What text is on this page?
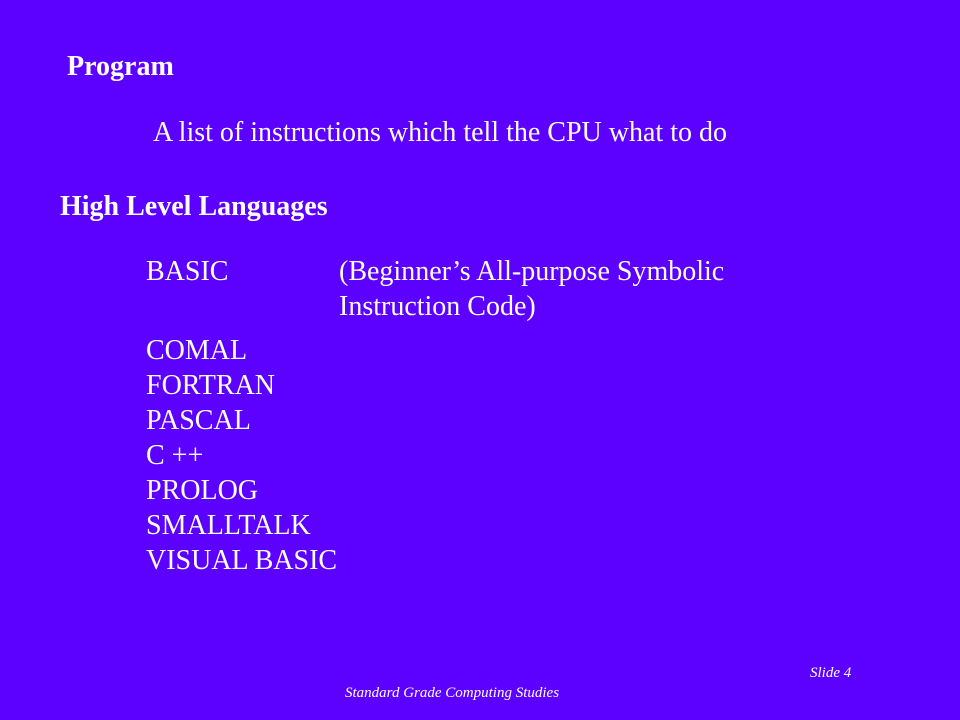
Program
A list of instructions which tell the CPU what to do
High Level Languages
BASIC	(Beginner’s All-purpose Symbolic
Instruction Code)
COMAL
FORTRAN
PASCAL
C ++
PROLOG
SMALLTALK
VISUAL BASIC
Slide 4
Standard Grade Computing Studies
